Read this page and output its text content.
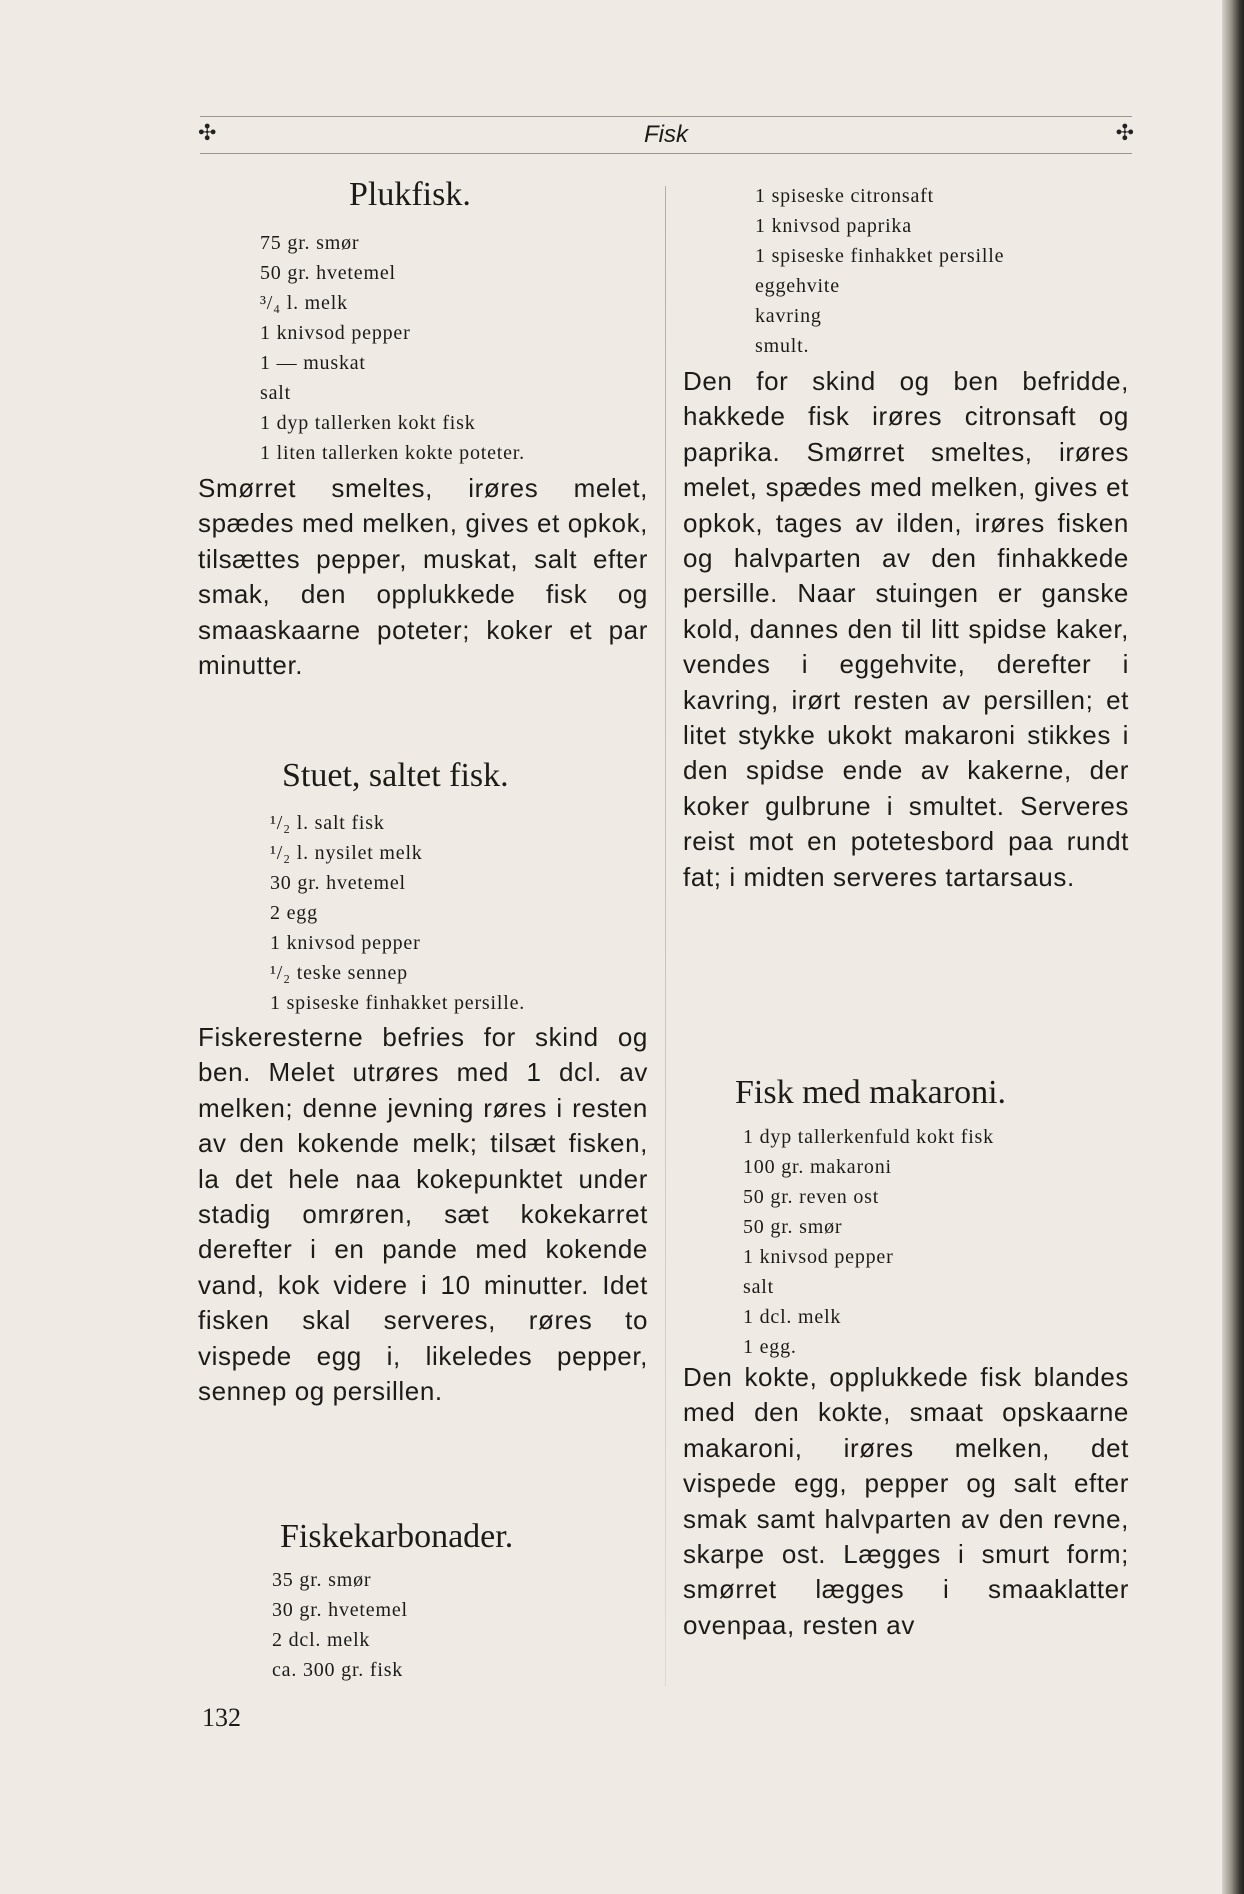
✣	Fisk	✣
Plukfisk.
75 gr. smør
50 gr. hvetemel
³/₄ l. melk
1 knivsod pepper
1 — muskat
salt
1 dyp tallerken kokt fisk
1 liten tallerken kokte poteter.
Smørret smeltes, irøres melet, spædes med melken, gives et opkok, tilsættes pepper, muskat, salt efter smak, den opplukkede fisk og smaaskaarne poteter; koker et par minutter.
Stuet, saltet fisk.
¹/₂ l. salt fisk
¹/₂ l. nysilet melk
30 gr. hvetemel
2 egg
1 knivsod pepper
¹/₂ teske sennep
1 spiseske finhakket persille.
Fiskeresterne befries for skind og ben. Melet utrøres med 1 dcl. av melken; denne jevning røres i resten av den kokende melk; tilsæt fisken, la det hele naa kokepunktet under stadig omrøren, sæt kokekarret derefter i en pande med kokende vand, kok videre i 10 minutter. Idet fisken skal serveres, røres to vispede egg i, likeledes pepper, sennep og persillen.
Fiskekarbonader.
35 gr. smør
30 gr. hvetemel
2 dcl. melk
ca. 300 gr. fisk
1 spiseske citronsaft
1 knivsod paprika
1 spiseske finhakket persille
eggehvite
kavring
smult.
Den for skind og ben befridde, hakkede fisk irøres citronsaft og paprika. Smørret smeltes, irøres melet, spædes med melken, gives et opkok, tages av ilden, irøres fisken og halvparten av den finhakkede persille. Naar stuingen er ganske kold, dannes den til litt spidse kaker, vendes i eggehvite, derefter i kavring, irørt resten av persillen; et litet stykke ukokt makaroni stikkes i den spidse ende av kakerne, der koker gulbrune i smultet. Serveres reist mot en potetesbord paa rundt fat; i midten serveres tartarsaus.
Fisk med makaroni.
1 dyp tallerkenfuld kokt fisk
100 gr. makaroni
50 gr. reven ost
50 gr. smør
1 knivsod pepper
salt
1 dcl. melk
1 egg.
Den kokte, opplukkede fisk blandes med den kokte, smaat opskaarne makaroni, irøres melken, det vispede egg, pepper og salt efter smak samt halvparten av den revne, skarpe ost. Lægges i smurt form; smørret lægges i smaaklatter ovenpaa, resten av
132
